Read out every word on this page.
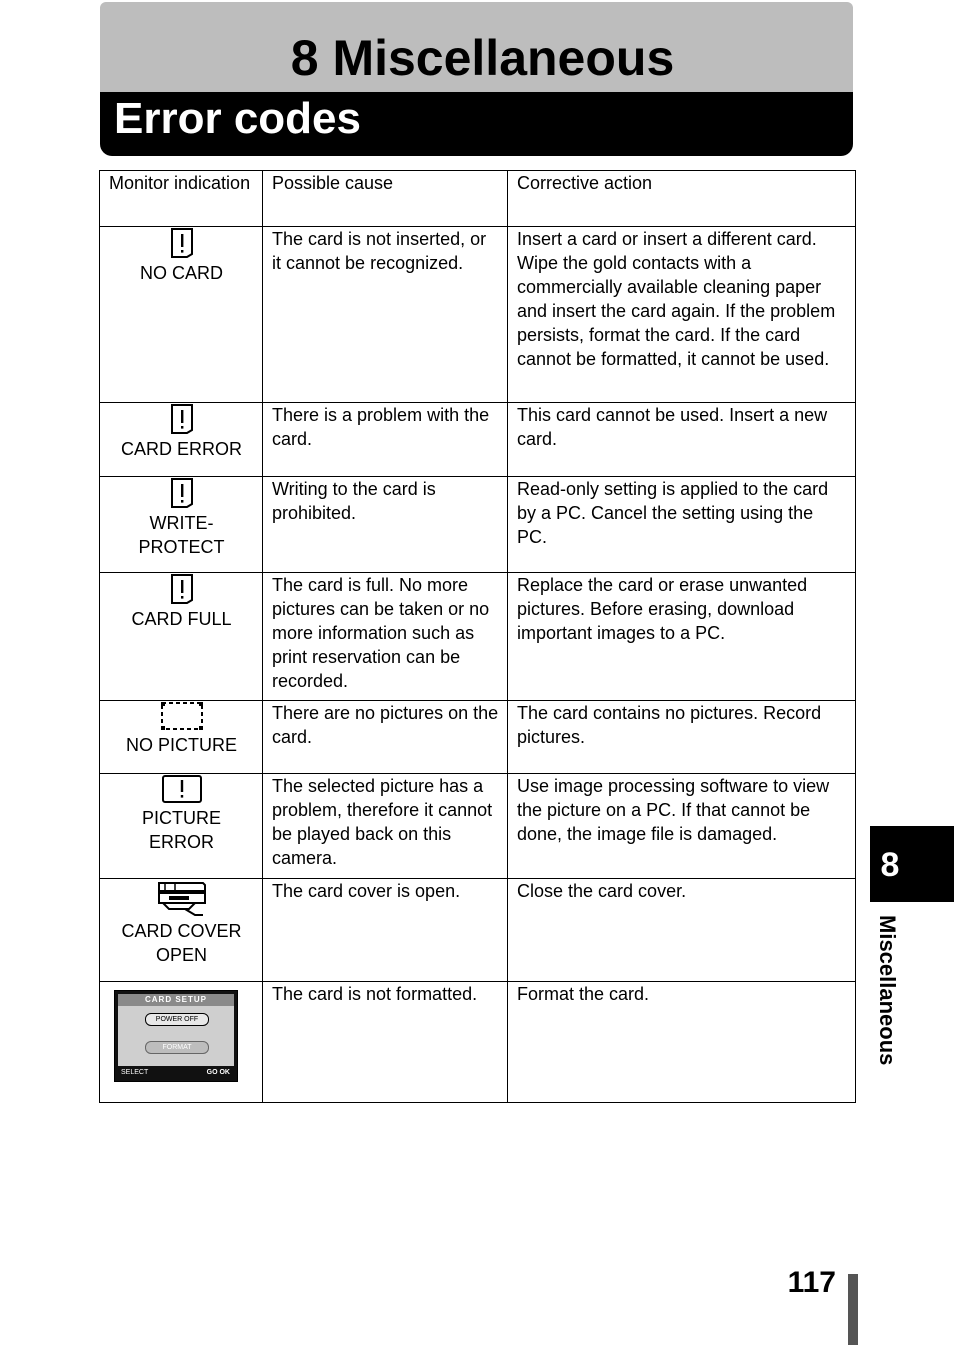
8 Miscellaneous
Error codes
Monitor indication	Possible cause	Corrective action

NO CARD	The card is not inserted, or it cannot be recognized.	Insert a card or insert a different card. Wipe the gold contacts with a commercially available cleaning paper and insert the card again. If the problem persists, format the card. If the card cannot be formatted, it cannot be used.

CARD ERROR	There is a problem with the card.	This card cannot be used. Insert a new card.

WRITE-
PROTECT	Writing to the card is prohibited.	Read-only setting is applied to the card by a PC. Cancel the setting using the PC.

CARD FULL	The card is full. No more pictures can be taken or no more information such as print reservation can be recorded.	Replace the card or erase unwanted pictures. Before erasing, download important images to a PC.

NO PICTURE	There are no pictures on the card.	The card contains no pictures. Record pictures.

PICTURE
ERROR	The selected picture has a problem, therefore it cannot be played back on this camera.	Use image processing software to view the picture on a PC. If that cannot be done, the image file is damaged.

CARD COVER
OPEN	The card cover is open.	Close the card cover.

CARD SETUP
POWER OFF
FORMAT
SELECT GO OK	The card is not formatted.	Format the card.
8
Miscellaneous
117
